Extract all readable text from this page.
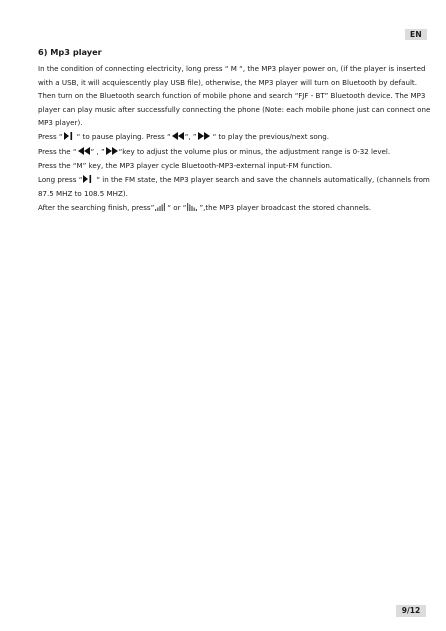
EN

6) Mp3 player

In the condition of connecting electricity, long press “ M “, the MP3 player power on, (if the player is inserted with a USB, it will acquiescently play USB file), otherwise, the MP3 player will turn on Bluetooth by default. Then turn on the Bluetooth search function of mobile phone and search “FJF - BT” Bluetooth device. The MP3 player can play music after successfully connecting the phone (Note: each mobile phone just can connect one MP3 player).

Press “ “ to pause playing. Press “ “, ” “ to play the previous/next song.

Press the “ “ , ” “key to adjust the volume plus or minus, the adjustment range is 0-32 level.

Press the “M” key, the MP3 player cycle Bluetooth-MP3-external input-FM function.

Long press “ “ in the FM state, the MP3 player search and save the channels automatically, (channels from 87.5 MHZ to 108.5 MHZ).

After the searching finish, press” “ or “ ”,the MP3 player broadcast the stored channels.

9/12
